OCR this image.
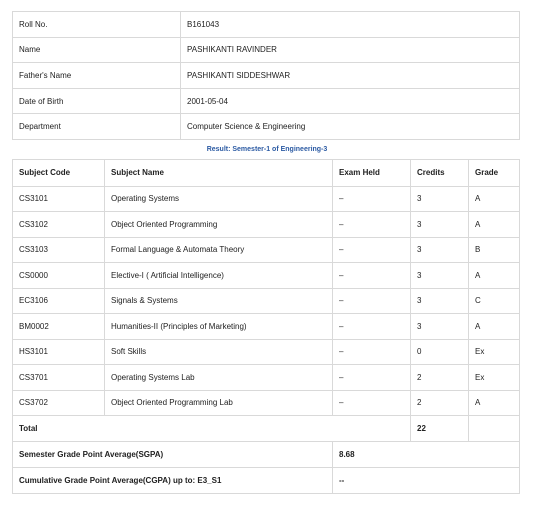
Roll No.	B161043
Name	PASHIKANTI RAVINDER
Father's Name	PASHIKANTI SIDDESHWAR
Date of Birth	2001-05-04
Department	Computer Science & Engineering
Result: Semester-1 of Engineering-3
Subject Code	Subject Name	Exam Held	Credits	Grade
CS3101	Operating Systems	–	3	A
CS3102	Object Oriented Programming	–	3	A
CS3103	Formal Language & Automata Theory	–	3	B
CS0000	Elective-I ( Artificial Intelligence)	–	3	A
EC3106	Signals & Systems	–	3	C
BM0002	Humanities-II (Principles of Marketing)	–	3	A
HS3101	Soft Skills	–	0	Ex
CS3701	Operating Systems Lab	–	2	Ex
CS3702	Object Oriented Programming Lab	–	2	A
Total			22	
Semester Grade Point Average(SGPA)		8.68		
Cumulative Grade Point Average(CGPA) up to: E3_S1		--		
